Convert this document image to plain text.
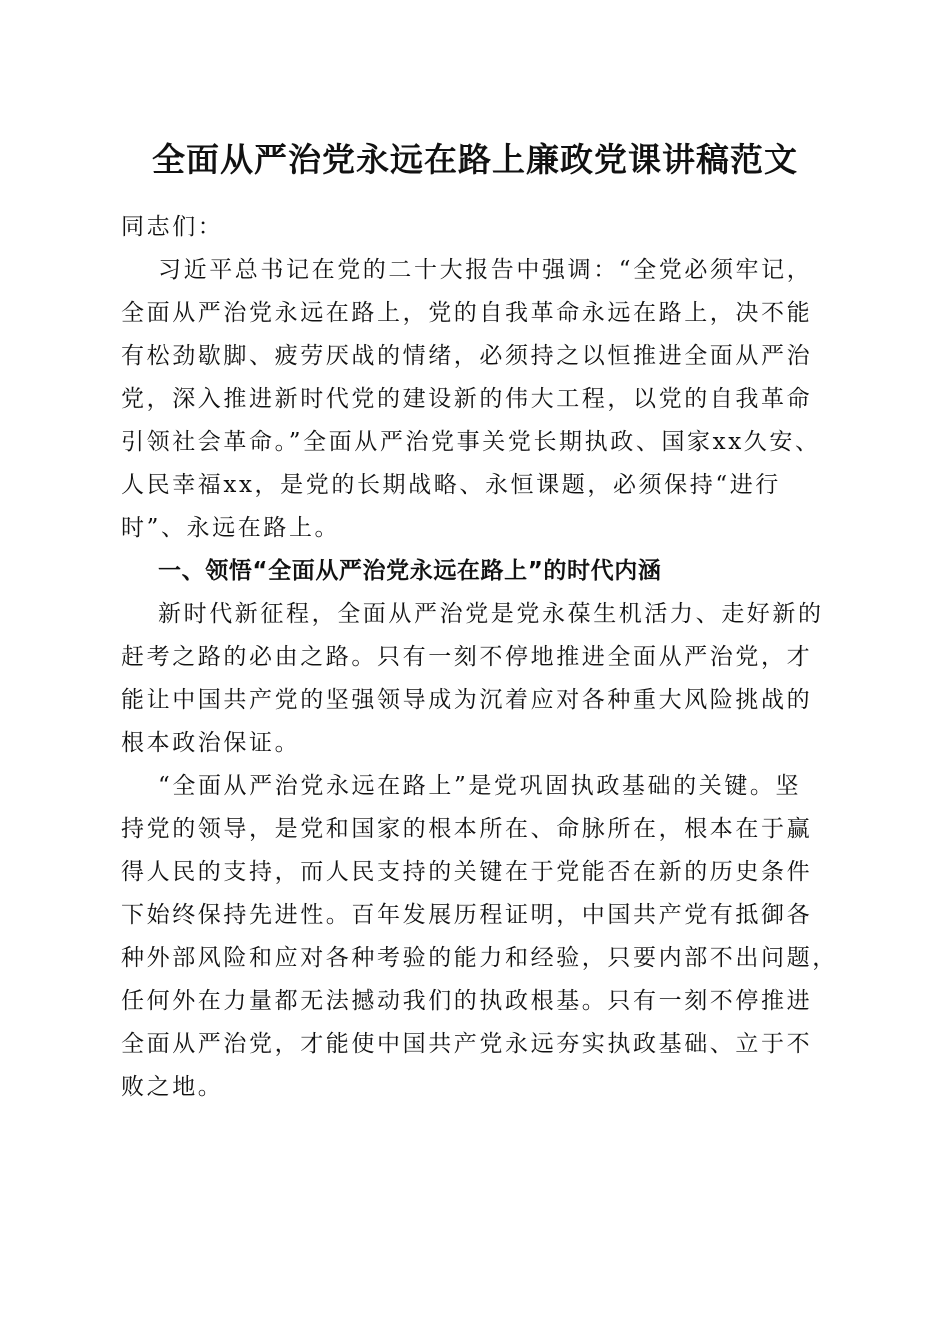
全面从严治党永远在路上廉政党课讲稿范文
同志们：
习近平总书记在党的二十大报告中强调：“全党必须牢记，
全面从严治党永远在路上，党的自我革命永远在路上，决不能
有松劲歇脚、疲劳厌战的情绪，必须持之以恒推进全面从严治
党，深入推进新时代党的建设新的伟大工程，以党的自我革命
引领社会革命。”全面从严治党事关党长期执政、国家xx久安、
人民幸福xx，是党的长期战略、永恒课题，必须保持“进行
时”、永远在路上。
一、领悟“全面从严治党永远在路上”的时代内涵
新时代新征程，全面从严治党是党永葆生机活力、走好新的
赶考之路的必由之路。只有一刻不停地推进全面从严治党，才
能让中国共产党的坚强领导成为沉着应对各种重大风险挑战的
根本政治保证。
“全面从严治党永远在路上”是党巩固执政基础的关键。坚
持党的领导，是党和国家的根本所在、命脉所在，根本在于赢
得人民的支持，而人民支持的关键在于党能否在新的历史条件
下始终保持先进性。百年发展历程证明，中国共产党有抵御各
种外部风险和应对各种考验的能力和经验，只要内部不出问题，
任何外在力量都无法撼动我们的执政根基。只有一刻不停推进
全面从严治党，才能使中国共产党永远夯实执政基础、立于不
败之地。
